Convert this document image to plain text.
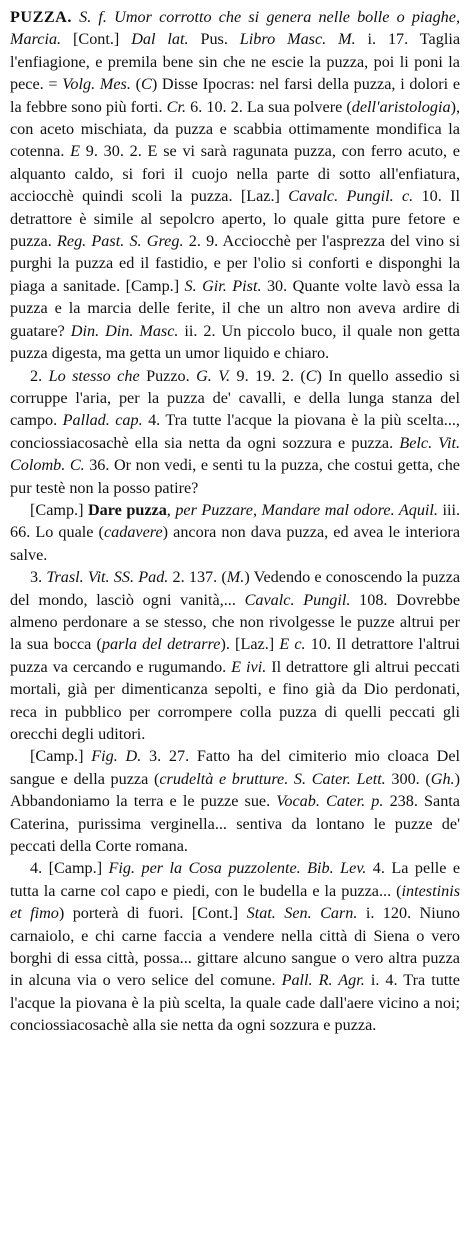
PUZZA. S. f. Umor corrotto che si genera nelle bolle o piaghe, Marcia. [Cont.] Dal lat. Pus. Libro Masc. M. i. 17. Taglia l'enfiagione, e premila bene sin che ne escie la puzza, poi li poni la pece. = Volg. Mes. (C) Disse Ipocras: nel farsi della puzza, i dolori e la febbre sono più forti. Cr. 6. 10. 2. La sua polvere (dell'aristologia), con aceto mischiata, da puzza e scabbia ottimamente mondifica la cotenna. E 9. 30. 2. E se vi sarà ragunata puzza, con ferro acuto, e alquanto caldo, si fori il cuojo nella parte di sotto all'enfiatura, acciocchè quindi scoli la puzza. [Laz.] Cavalc. Pungil. c. 10. Il detrattore è simile al sepolcro aperto, lo quale gitta pure fetore e puzza. Reg. Past. S. Greg. 2. 9. Acciocchè per l'asprezza del vino si purghi la puzza ed il fastidio, e per l'olio si conforti e disponghi la piaga a sanitade. [Camp.] S. Gir. Pist. 30. Quante volte lavò essa la puzza e la marcia delle ferite, il che un altro non aveva ardire di guatare? Din. Din. Masc. ii. 2. Un piccolo buco, il quale non getta puzza digesta, ma getta un umor liquido e chiaro.

2. Lo stesso che Puzzo. G. V. 9. 19. 2. (C) In quello assedio si corruppe l'aria, per la puzza de' cavalli, e della lunga stanza del campo. Pallad. cap. 4. Tra tutte l'acque la piovana è la più scelta..., conciossiacosachè ella sia netta da ogni sozzura e puzza. Belc. Vit. Colomb. C. 36. Or non vedi, e senti tu la puzza, che costui getta, che pur testè non la posso patire?

[Camp.] Dare puzza, per Puzzare, Mandare mal odore. Aquil. iii. 66. Lo quale (cadavere) ancora non dava puzza, ed avea le interiora salve.

3. Trasl. Vit. SS. Pad. 2. 137. (M.) Vedendo e conoscendo la puzza del mondo, lasciò ogni vanità,... Cavalc. Pungil. 108. Dovrebbe almeno perdonare a se stesso, che non rivolgesse le puzze altrui per la sua bocca (parla del detrarre). [Laz.] E c. 10. Il detrattore l'altrui puzza va cercando e rugumando. E ivi. Il detrattore gli altrui peccati mortali, già per dimenticanza sepolti, e fino già da Dio perdonati, reca in pubblico per corrompere colla puzza di quelli peccati gli orecchi degli uditori.

[Camp.] Fig. D. 3. 27. Fatto ha del cimiterio mio cloaca Del sangue e della puzza (crudeltà e brutture. S. Cater. Lett. 300. (Gh.) Abbandoniamo la terra e le puzze sue. Vocab. Cater. p. 238. Santa Caterina, purissima verginella... sentiva da lontano le puzze de' peccati della Corte romana.

4. [Camp.] Fig. per la Cosa puzzolente. Bib. Lev. 4. La pelle e tutta la carne col capo e piedi, con le budella e la puzza... (intestinis et fimo) porterà di fuori. [Cont.] Stat. Sen. Carn. i. 120. Niuno carnaiolo, e chi carne faccia a vendere nella città di Siena o vero borghi di essa città, possa... gittare alcuno sangue o vero altra puzza in alcuna via o vero selice del comune. Pall. R. Agr. i. 4. Tra tutte l'acque la piovana è la più scelta, la quale cade dall'aere vicino a noi; conciossiacosachè alla sie netta da ogni sozzura e puzza.
